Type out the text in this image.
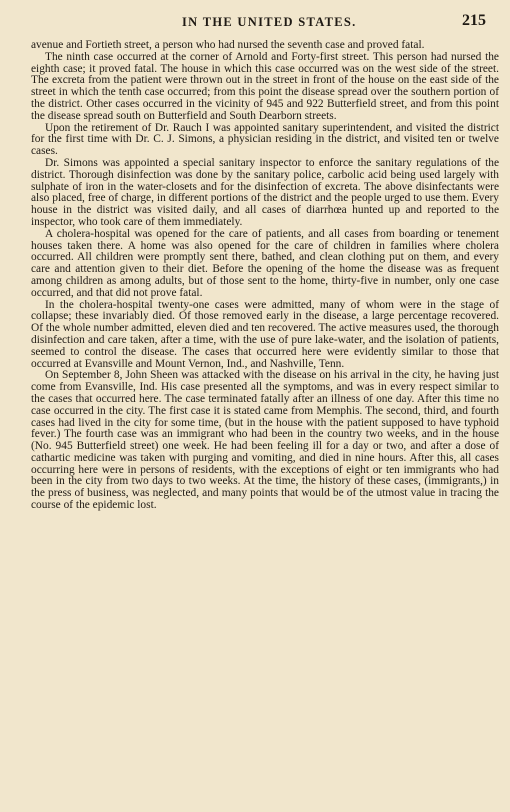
IN THE UNITED STATES.	215

avenue and Fortieth street, a person who had nursed the seventh case and proved fatal.

The ninth case occurred at the corner of Arnold and Forty-first street. This person had nursed the eighth case; it proved fatal. The house in which this case occurred was on the west side of the street. The excreta from the patient were thrown out in the street in front of the house on the east side of the street in which the tenth case occurred; from this point the disease spread over the southern portion of the district. Other cases occurred in the vicinity of 945 and 922 Butterfield street, and from this point the disease spread south on Butterfield and South Dearborn streets.

Upon the retirement of Dr. Rauch I was appointed sanitary superintendent, and visited the district for the first time with Dr. C. J. Simons, a physician residing in the district, and visited ten or twelve cases.

Dr. Simons was appointed a special sanitary inspector to enforce the sanitary regulations of the district. Thorough disinfection was done by the sanitary police, carbolic acid being used largely with sulphate of iron in the water-closets and for the disinfection of excreta. The above disinfectants were also placed, free of charge, in different portions of the district and the people urged to use them. Every house in the district was visited daily, and all cases of diarrhœa hunted up and reported to the inspector, who took care of them immediately.

A cholera-hospital was opened for the care of patients, and all cases from boarding or tenement houses taken there. A home was also opened for the care of children in families where cholera occurred. All children were promptly sent there, bathed, and clean clothing put on them, and every care and attention given to their diet. Before the opening of the home the disease was as frequent among children as among adults, but of those sent to the home, thirty-five in number, only one case occurred, and that did not prove fatal.

In the cholera-hospital twenty-one cases were admitted, many of whom were in the stage of collapse; these invariably died. Of those removed early in the disease, a large percentage recovered. Of the whole number admitted, eleven died and ten recovered. The active measures used, the thorough disinfection and care taken, after a time, with the use of pure lake-water, and the isolation of patients, seemed to control the disease. The cases that occurred here were evidently similar to those that occurred at Evansville and Mount Vernon, Ind., and Nashville, Tenn.

On September 8, John Sheen was attacked with the disease on his arrival in the city, he having just come from Evansville, Ind. His case presented all the symptoms, and was in every respect similar to the cases that occurred here. The case terminated fatally after an illness of one day. After this time no case occurred in the city. The first case it is stated came from Memphis. The second, third, and fourth cases had lived in the city for some time, (but in the house with the patient supposed to have typhoid fever.) The fourth case was an immigrant who had been in the country two weeks, and in the house (No. 945 Butterfield street) one week. He had been feeling ill for a day or two, and after a dose of cathartic medicine was taken with purging and vomiting, and died in nine hours. After this, all cases occurring here were in persons of residents, with the exceptions of eight or ten immigrants who had been in the city from two days to two weeks. At the time, the history of these cases, (immigrants,) in the press of business, was neglected, and many points that would be of the utmost value in tracing the course of the epidemic lost.
